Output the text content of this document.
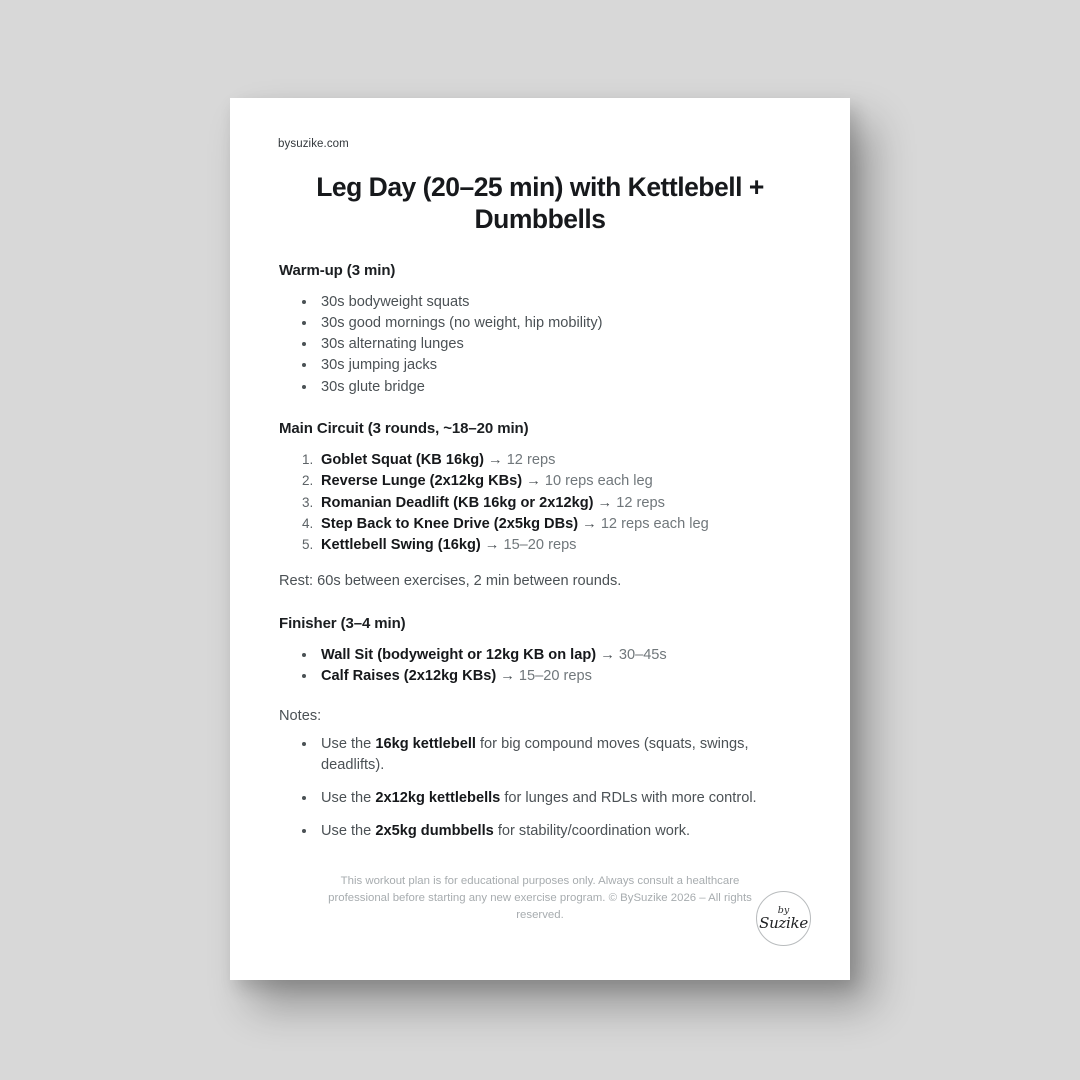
bysuzike.com
Leg Day (20–25 min) with Kettlebell + Dumbbells
Warm-up (3 min)
• 30s bodyweight squats
• 30s good mornings (no weight, hip mobility)
• 30s alternating lunges
• 30s jumping jacks
• 30s glute bridge
Main Circuit (3 rounds, ~18–20 min)
1. Goblet Squat (KB 16kg) → 12 reps
2. Reverse Lunge (2x12kg KBs) → 10 reps each leg
3. Romanian Deadlift (KB 16kg or 2x12kg) → 12 reps
4. Step Back to Knee Drive (2x5kg DBs) → 12 reps each leg
5. Kettlebell Swing (16kg) → 15–20 reps
Rest: 60s between exercises, 2 min between rounds.
Finisher (3–4 min)
• Wall Sit (bodyweight or 12kg KB on lap) → 30–45s
• Calf Raises (2x12kg KBs) → 15–20 reps
Notes:
• Use the 16kg kettlebell for big compound moves (squats, swings, deadlifts).
• Use the 2x12kg kettlebells for lunges and RDLs with more control.
• Use the 2x5kg dumbbells for stability/coordination work.
This workout plan is for educational purposes only. Always consult a healthcare professional before starting any new exercise program. © BySuzike 2026 – All rights reserved.	by
Suzike
